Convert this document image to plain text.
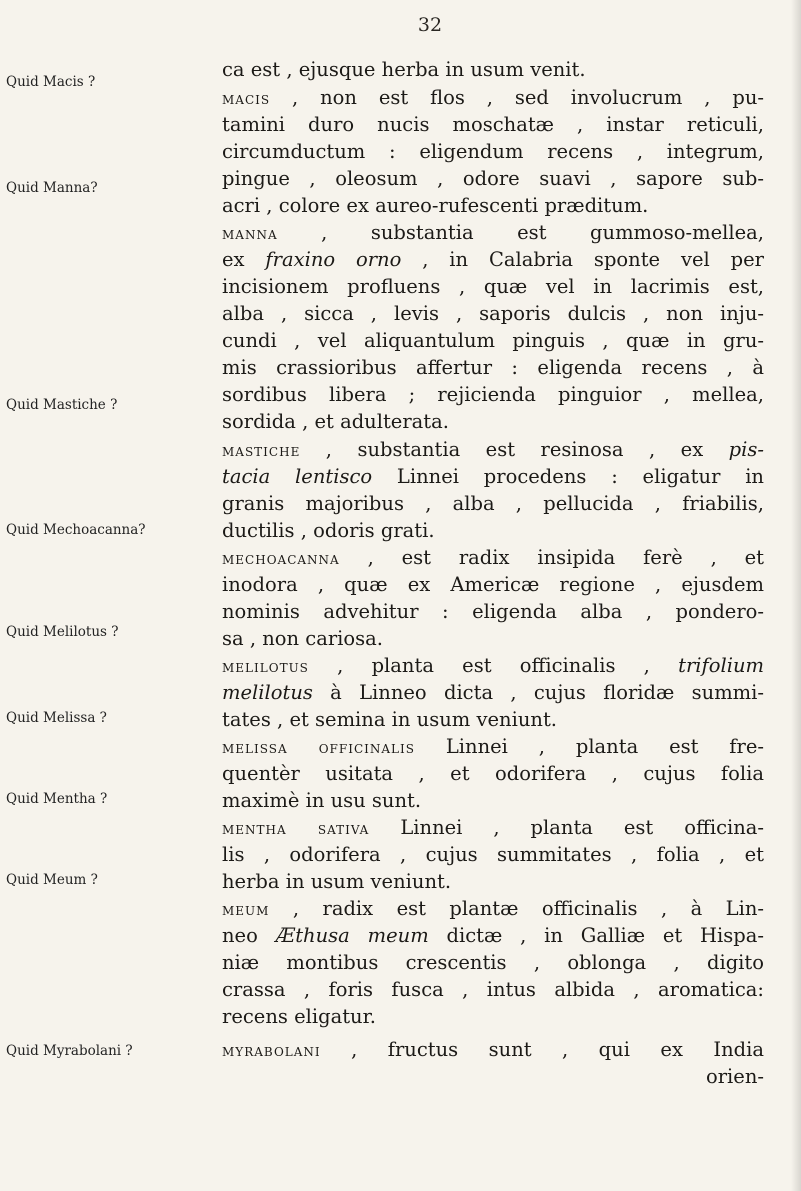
32
Quid Macis ?
Quid Manna?
Quid Mastiche ?
Quid Mechoacanna?
Quid Melilotus ?
Quid Melissa ?
Quid Mentha ?
Quid Meum ?
Quid Myrabolani ?
ca est , ejusque herba in usum venit.
macis , non est flos , sed involucrum , pu-
tamini duro nucis moschatæ , instar reticuli,
circumductum : eligendum recens , integrum,
pingue , oleosum , odore suavi , sapore sub-
acri , colore ex aureo-rufescenti præditum.
manna , substantia est gummoso-mellea,
ex fraxino orno , in Calabria sponte vel per
incisionem profluens , quæ vel in lacrimis est,
alba , sicca , levis , saporis dulcis , non inju-
cundi , vel aliquantulum pinguis , quæ in gru-
mis crassioribus affertur : eligenda recens , à
sordibus libera ; rejicienda pinguior , mellea,
sordida , et adulterata.
mastiche , substantia est resinosa , ex pis-
tacia lentisco Linnei procedens : eligatur in
granis majoribus , alba , pellucida , friabilis,
ductilis , odoris grati.
mechoacanna , est radix insipida ferè , et
inodora , quæ ex Americæ regione , ejusdem
nominis advehitur : eligenda alba , pondero-
sa , non cariosa.
melilotus , planta est officinalis , trifolium
melilotus à Linneo dicta , cujus floridæ summi-
tates , et semina in usum veniunt.
melissa officinalis Linnei , planta est fre-
quentèr usitata , et odorifera , cujus folia
maximè in usu sunt.
mentha sativa Linnei , planta est officina-
lis , odorifera , cujus summitates , folia , et
herba in usum veniunt.
meum , radix est plantæ officinalis , à Lin-
neo Æthusa meum dictæ , in Galliæ et Hispa-
niæ montibus crescentis , oblonga , digito
crassa , foris fusca , intus albida , aromatica:
recens eligatur.
myrabolani , fructus sunt , qui ex India
orien-
